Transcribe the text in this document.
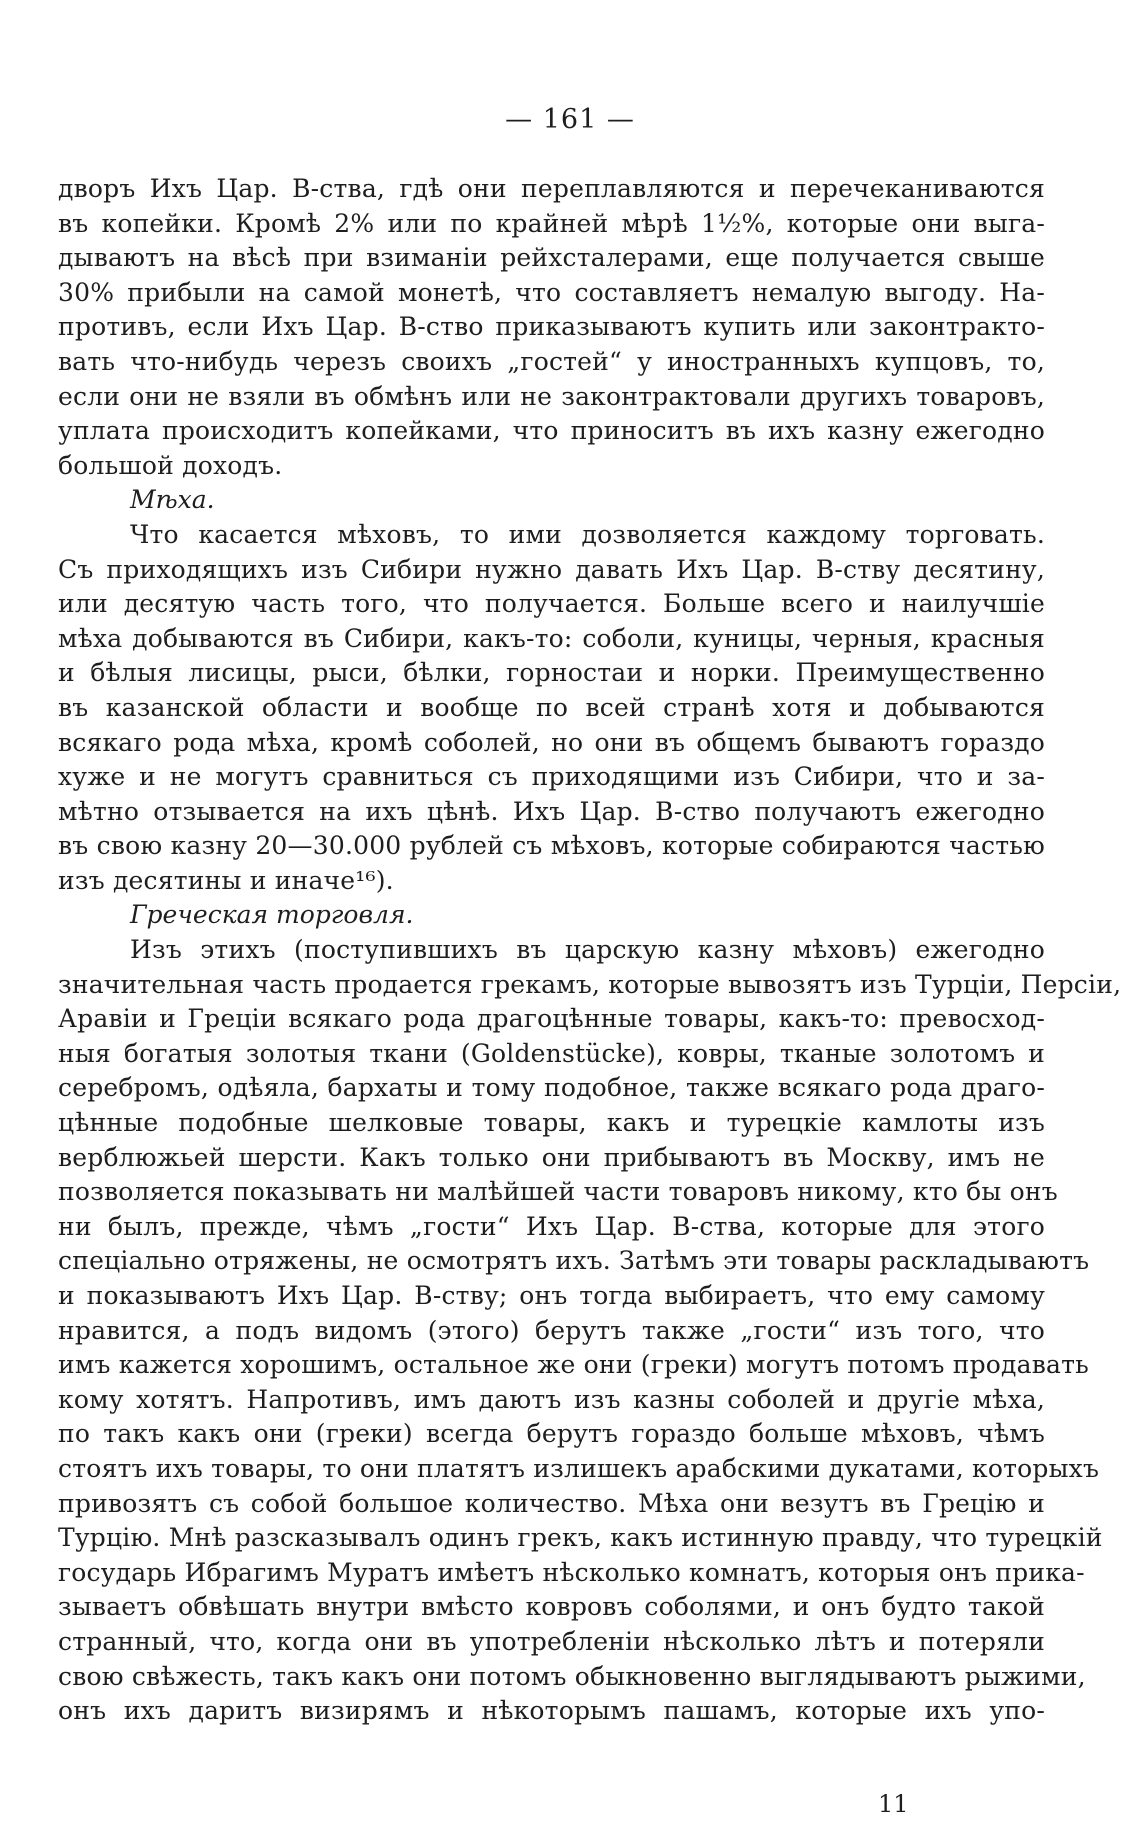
— 161 —
дворъ Ихъ Цар. В-ства, гдѣ они переплавляются и перечеканиваются
въ копейки. Кромѣ 2% или по крайней мѣрѣ 1½%, которые они выга-
дываютъ на вѣсѣ при взиманіи рейхсталерами, еще получается свыше
30% прибыли на самой монетѣ, что составляетъ немалую выгоду. На-
противъ, если Ихъ Цар. В-ство приказываютъ купить или законтракто-
вать что-нибудь черезъ своихъ „гостей“ у иностранныхъ купцовъ, то,
если они не взяли въ обмѣнъ или не законтрактовали другихъ товаровъ,
уплата происходитъ копейками, что приноситъ въ ихъ казну ежегодно
большой доходъ.
Мѣха.
Что касается мѣховъ, то ими дозволяется каждому торговать.
Съ приходящихъ изъ Сибири нужно давать Ихъ Цар. В-ству десятину,
или десятую часть того, что получается. Больше всего и наилучшіе
мѣха добываются въ Сибири, какъ-то: соболи, куницы, черныя, красныя
и бѣлыя лисицы, рыси, бѣлки, горностаи и норки. Преимущественно
въ казанской области и вообще по всей странѣ хотя и добываются
всякаго рода мѣха, кромѣ соболей, но они въ общемъ бываютъ гораздо
хуже и не могутъ сравниться съ приходящими изъ Сибири, что и за-
мѣтно отзывается на ихъ цѣнѣ. Ихъ Цар. В-ство получаютъ ежегодно
въ свою казну 20—30.000 рублей съ мѣховъ, которые собираются частью
изъ десятины и иначе¹⁶).
Греческая торговля.
Изъ этихъ (поступившихъ въ царскую казну мѣховъ) ежегодно
значительная часть продается грекамъ, которые вывозятъ изъ Турціи, Персіи,
Аравіи и Греціи всякаго рода драгоцѣнные товары, какъ-то: превосход-
ныя богатыя золотыя ткани (Goldenstücke), ковры, тканые золотомъ и
серебромъ, одѣяла, бархаты и тому подобное, также всякаго рода драго-
цѣнные подобные шелковые товары, какъ и турецкіе камлоты изъ
верблюжьей шерсти. Какъ только они прибываютъ въ Москву, имъ не
позволяется показывать ни малѣйшей части товаровъ никому, кто бы онъ
ни былъ, прежде, чѣмъ „гости“ Ихъ Цар. В-ства, которые для этого
спеціально отряжены, не осмотрятъ ихъ. Затѣмъ эти товары раскладываютъ
и показываютъ Ихъ Цар. В-ству; онъ тогда выбираетъ, что ему самому
нравится, а подъ видомъ (этого) берутъ также „гости“ изъ того, что
имъ кажется хорошимъ, остальное же они (греки) могутъ потомъ продавать
кому хотятъ. Напротивъ, имъ даютъ изъ казны соболей и другіе мѣха,
по такъ какъ они (греки) всегда берутъ гораздо больше мѣховъ, чѣмъ
стоятъ ихъ товары, то они платятъ излишекъ арабскими дукатами, которыхъ
привозятъ съ собой большое количество. Мѣха они везутъ въ Грецію и
Турцію. Мнѣ разсказывалъ одинъ грекъ, какъ истинную правду, что турецкій
государь Ибрагимъ Муратъ имѣетъ нѣсколько комнатъ, которыя онъ прика-
зываетъ обвѣшать внутри вмѣсто ковровъ соболями, и онъ будто такой
странный, что, когда они въ употребленіи нѣсколько лѣтъ и потеряли
свою свѣжесть, такъ какъ они потомъ обыкновенно выглядываютъ рыжими,
онъ ихъ даритъ визирямъ и нѣкоторымъ пашамъ, которые ихъ упо-
11
